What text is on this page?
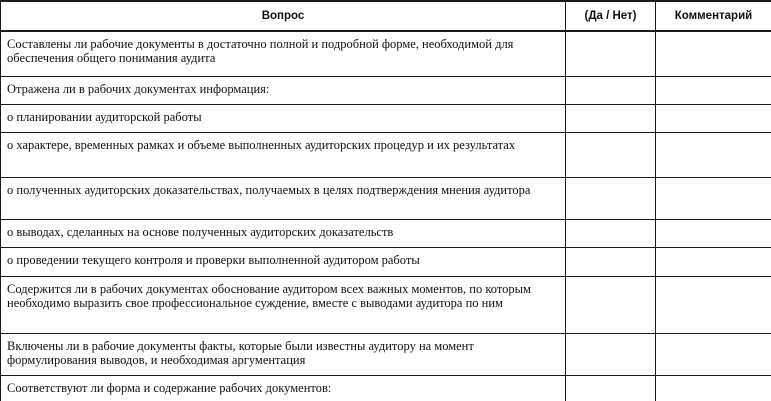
Вопрос	(Да / Нет)	Комментарий
Составлены ли рабочие документы в достаточно полной и подробной форме, необходимой для обеспечения общего понимания аудита		
Отражена ли в рабочих документах информация:		
о планировании аудиторской работы		
о характере, временных рамках и объеме выполненных аудиторских процедур и их результатах		
о полученных аудиторских доказательствах, получаемых в целях подтверждения мнения аудитора		
о выводах, сделанных на основе полученных аудиторских доказательств		
о проведении текущего контроля и проверки выполненной аудитором работы		
Содержится ли в рабочих документах обоснование аудитором всех важных моментов, по которым необходимо выразить свое профессиональное суждение, вместе с выводами аудитора по ним		
Включены ли в рабочие документы факты, которые были известны аудитору на момент формулирования выводов, и необходимая аргументация		
Соответствуют ли форма и содержание рабочих документов:		
